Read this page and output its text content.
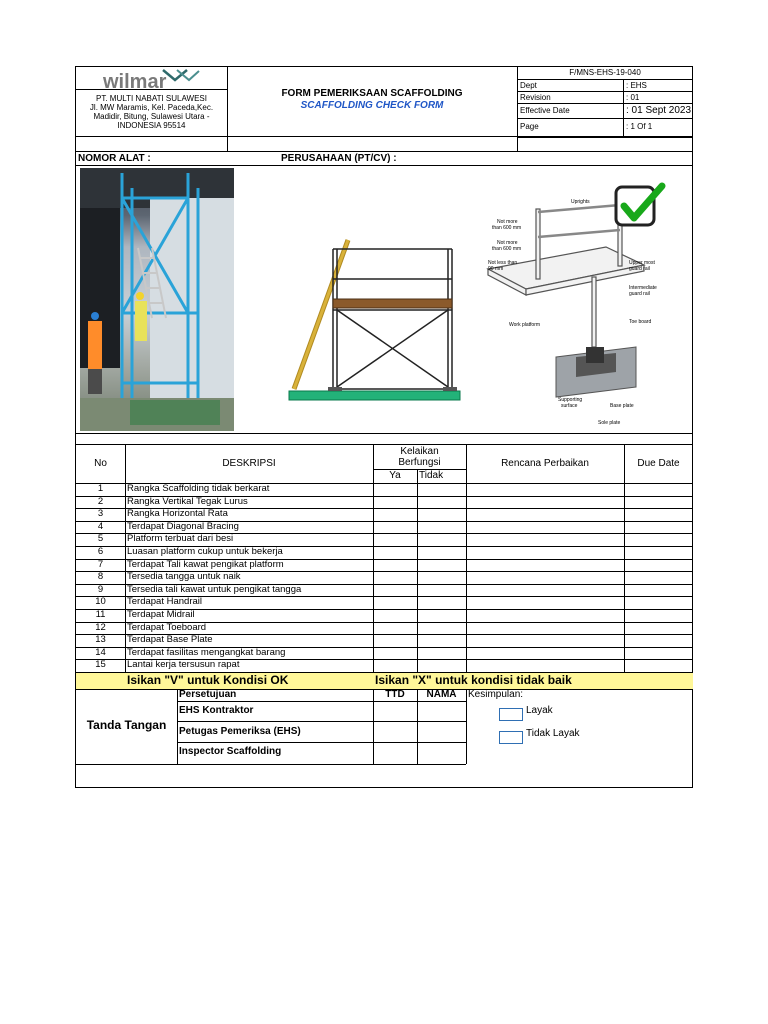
wilmar
PT. MULTI NABATI SULAWESI
Jl. MW Maramis, Kel. Paceda,Kec.
Madidir, Bitung, Sulawesi Utara -
INDONESIA 95514
FORM PEMERIKSAAN SCAFFOLDING
SCAFFOLDING CHECK FORM
F/MNS-EHS-19-040
Dept	: EHS
Revision	: 01
Effective Date	: 01 Sept 2023
Page	: 1 Of 1
NOMOR ALAT :	PERUSAHAAN (PT/CV) :
Uprights
Not more
than 600 mm
Not more
than 600 mm
Not less than
90 mm
Upper most
guard rail
Intermediate
guard rail
Toe board
Work platform
Supporting
surface	Base plate
Sole plate
No	DESKRIPSI
Kelaikan
Berfungsi
Ya	Tidak
Rencana Perbaikan	Due Date
1	Rangka Scaffolding tidak berkarat
2	Rangka Vertikal Tegak Lurus
3	Rangka Horizontal Rata
4	Terdapat Diagonal Bracing
5	Platform terbuat dari besi
6	Luasan platform cukup untuk bekerja
7	Terdapat Tali kawat pengikat platform
8	Tersedia tangga untuk naik
9	Tersedia tali kawat untuk pengikat tangga
10	Terdapat Handrail
11	Terdapat Midrail
12	Terdapat Toeboard
13	Terdapat Base Plate
14	Terdapat fasilitas mengangkat barang
15	Lantai kerja tersusun rapat
Isikan "V" untuk Kondisi OK	Isikan "X" untuk kondisi tidak baik
Tanda Tangan
Persetujuan	TTD	NAMA	Kesimpulan:
EHS Kontraktor
Petugas Pemeriksa (EHS)
Inspector Scaffolding
Layak
Tidak Layak
